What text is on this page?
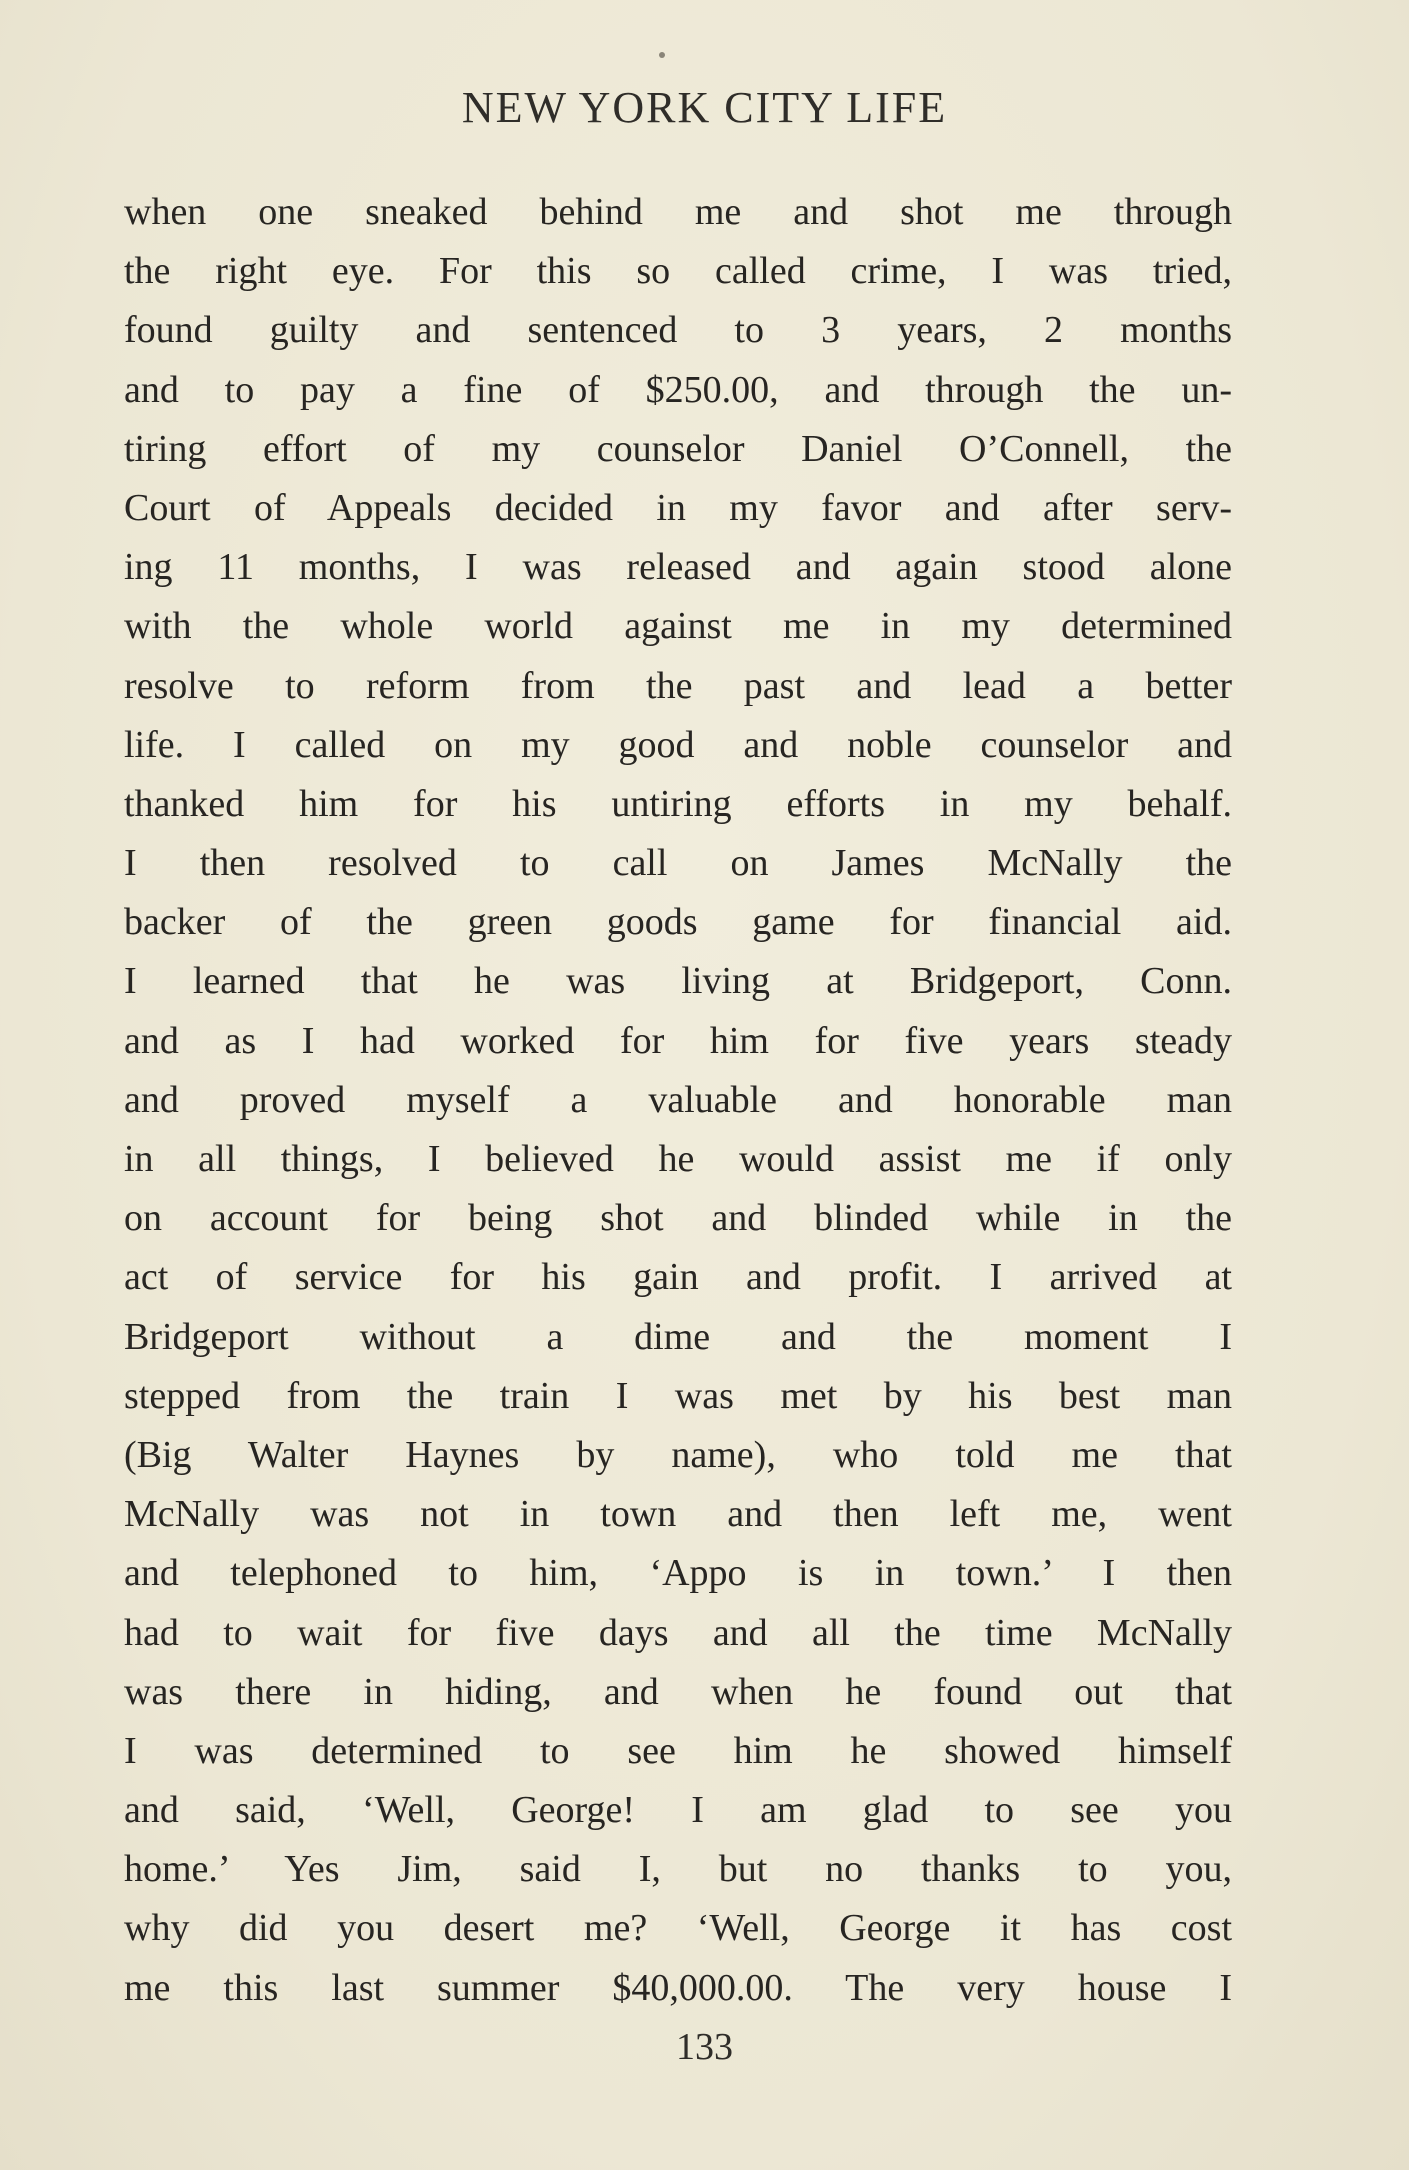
NEW YORK CITY LIFE
when one sneaked behind me and shot me through
the right eye. For this so called crime, I was tried,
found guilty and sentenced to 3 years, 2 months
and to pay a fine of $250.00, and through the un-
tiring effort of my counselor Daniel O’Connell, the
Court of Appeals decided in my favor and after serv-
ing 11 months, I was released and again stood alone
with the whole world against me in my determined
resolve to reform from the past and lead a better
life. I called on my good and noble counselor and
thanked him for his untiring efforts in my behalf.
I then resolved to call on James McNally the
backer of the green goods game for financial aid.
I learned that he was living at Bridgeport, Conn.
and as I had worked for him for five years steady
and proved myself a valuable and honorable man
in all things, I believed he would assist me if only
on account for being shot and blinded while in the
act of service for his gain and profit. I arrived at
Bridgeport without a dime and the moment I
stepped from the train I was met by his best man
(Big Walter Haynes by name), who told me that
McNally was not in town and then left me, went
and telephoned to him, ‘Appo is in town.’ I then
had to wait for five days and all the time McNally
was there in hiding, and when he found out that
I was determined to see him he showed himself
and said, ‘Well, George! I am glad to see you
home.’ Yes Jim, said I, but no thanks to you,
why did you desert me? ‘Well, George it has cost
me this last summer $40,000.00. The very house I
133
